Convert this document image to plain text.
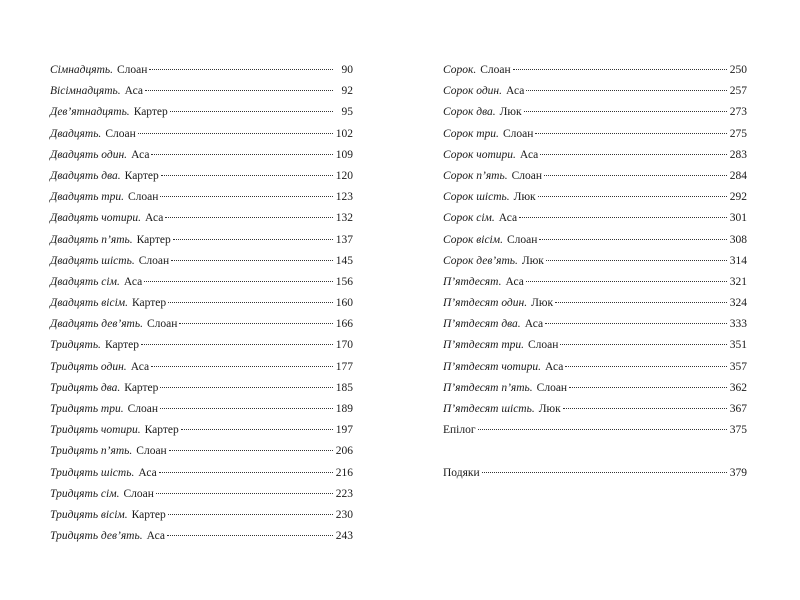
Сімнадцять. Слоан	90
Вісімнадцять. Аса	92
Дев’ятнадцять. Картер	95
Двадцять. Слоан	102
Двадцять один. Аса	109
Двадцять два. Картер	120
Двадцять три. Слоан	123
Двадцять чотири. Аса	132
Двадцять п’ять. Картер	137
Двадцять шість. Слоан	145
Двадцять сім. Аса	156
Двадцять вісім. Картер	160
Двадцять дев’ять. Слоан	166
Тридцять. Картер	170
Тридцять один. Аса	177
Тридцять два. Картер	185
Тридцять три. Слоан	189
Тридцять чотири. Картер	197
Тридцять п’ять. Слоан	206
Тридцять шість. Аса	216
Тридцять сім. Слоан	223
Тридцять вісім. Картер	230
Тридцять дев’ять. Аса	243
Сорок. Слоан	250
Сорок один. Аса	257
Сорок два. Люк	273
Сорок три. Слоан	275
Сорок чотири. Аса	283
Сорок п’ять. Слоан	284
Сорок шість. Люк	292
Сорок сім. Аса	301
Сорок вісім. Слоан	308
Сорок дев’ять. Люк	314
П’ятдесят. Аса	321
П’ятдесят один. Люк	324
П’ятдесят два. Аса	333
П’ятдесят три. Слоан	351
П’ятдесят чотири. Аса	357
П’ятдесят п’ять. Слоан	362
П’ятдесят шість. Люк	367
Епілог	375
Подяки	379
